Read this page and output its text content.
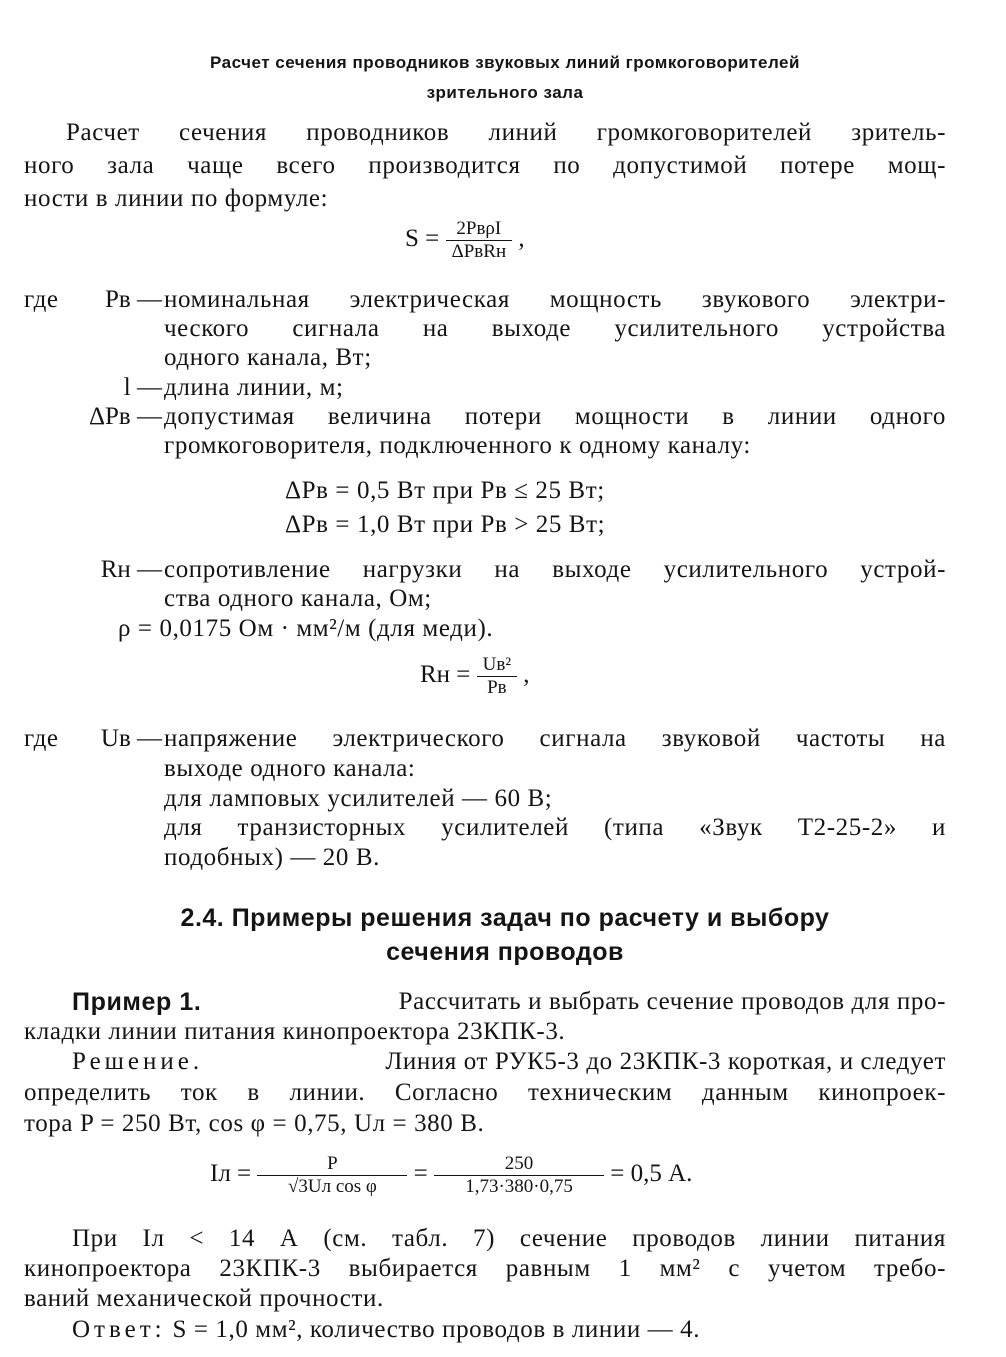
Расчет сечения проводников звуковых линий громкоговорителей
зрительного зала
Расчет сечения проводников линий громкоговорителей зритель-
ного зала чаще всего производится по допустимой потере мощ-
ности в линии по формуле:
$S = \frac{\text{2PвρI}}{\text{ΔPвRн}}$ ,
где	Pв — номинальная электрическая мощность звукового электри-
ческого сигнала на выходе усилительного устройства
одного канала, Вт;
l — длина линии, м;
ΔPв — допустимая величина потери мощности в линии одного
громкоговорителя, подключенного к одному каналу:
ΔPв = 0,5 Вт при Pв ≤ 25 Вт;
ΔPв = 1,0 Вт при Pв > 25 Вт;
Rн — сопротивление нагрузки на выходе усилительного устрой-
ства одного канала, Ом;
ρ = 0,0175 Ом · мм²/м (для меди).
Rн = $\frac{\text{Uв²}}{Pв}$ ,
где	Uв — напряжение электрического сигнала звуковой частоты на
выходе одного канала:
для ламповых усилителей — 60 В;
для транзисторных усилителей (типа «Звук Т2-25-2» и
подобных) — 20 В.
2.4. Примеры решения задач по расчету и выбору
сечения проводов
Пример 1.	Рассчитать и выбрать сечение проводов для про-
кладки линии питания кинопроектора 23КПК-3.
Решение.	Линия от РУК5-3 до 23КПК-3 короткая, и следует
определить ток в линии. Согласно техническим данным кинопроек-
тора P = 250 Вт, cos φ = 0,75, Uл = 380 В.
Iл = $\frac{P}{\text{√3Uл cos φ}} = \frac{250}{1,73\cdot 380\cdot 0,75} = 0,5$ А.
При Iл < 14 А (см. табл. 7) сечение проводов линии питания
кинопроектора 23КПК-3 выбирается равным 1 мм² с учетом требо-
ваний механической прочности.
Ответ: S = 1,0 мм², количество проводов в линии — 4.
